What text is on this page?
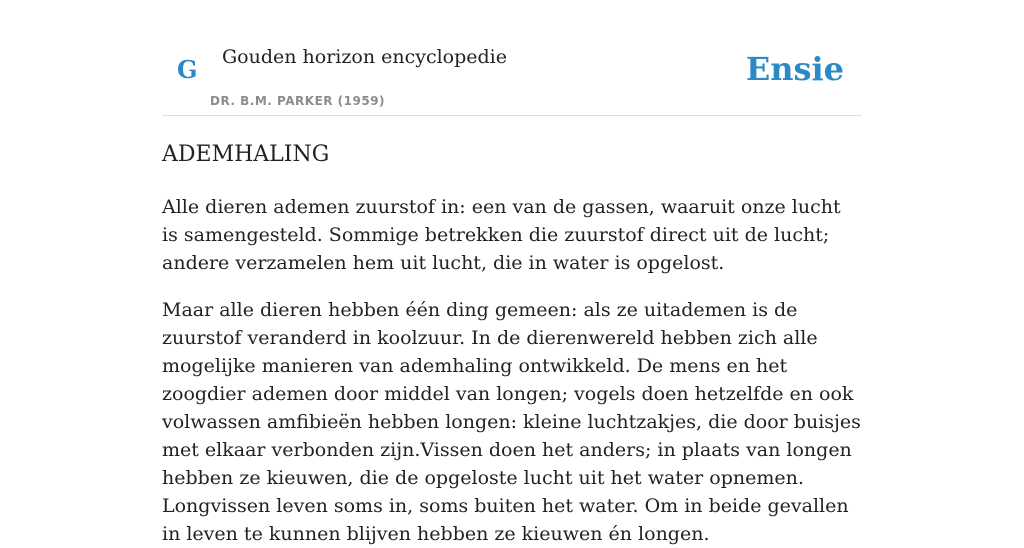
G Gouden horizon encyclopedie
DR. B.M. PARKER (1959)
Ensie
ADEMHALING

Alle dieren ademen zuurstof in: een van de gassen, waaruit onze lucht is samengesteld. Sommige betrekken die zuurstof direct uit de lucht; andere verzamelen hem uit lucht, die in water is opgelost.

Maar alle dieren hebben één ding gemeen: als ze uitademen is de zuurstof veranderd in koolzuur. In de dierenwereld hebben zich alle mogelijke manieren van ademhaling ontwikkeld. De mens en het zoogdier ademen door middel van longen; vogels doen hetzelfde en ook volwassen amfibieën hebben longen: kleine luchtzakjes, die door buisjes met elkaar verbonden zijn.Vissen doen het anders; in plaats van longen hebben ze kieuwen, die de opgeloste lucht uit het water opnemen. Longvissen leven soms in, soms buiten het water. Om in beide gevallen in leven te kunnen blijven hebben ze kieuwen én longen.
